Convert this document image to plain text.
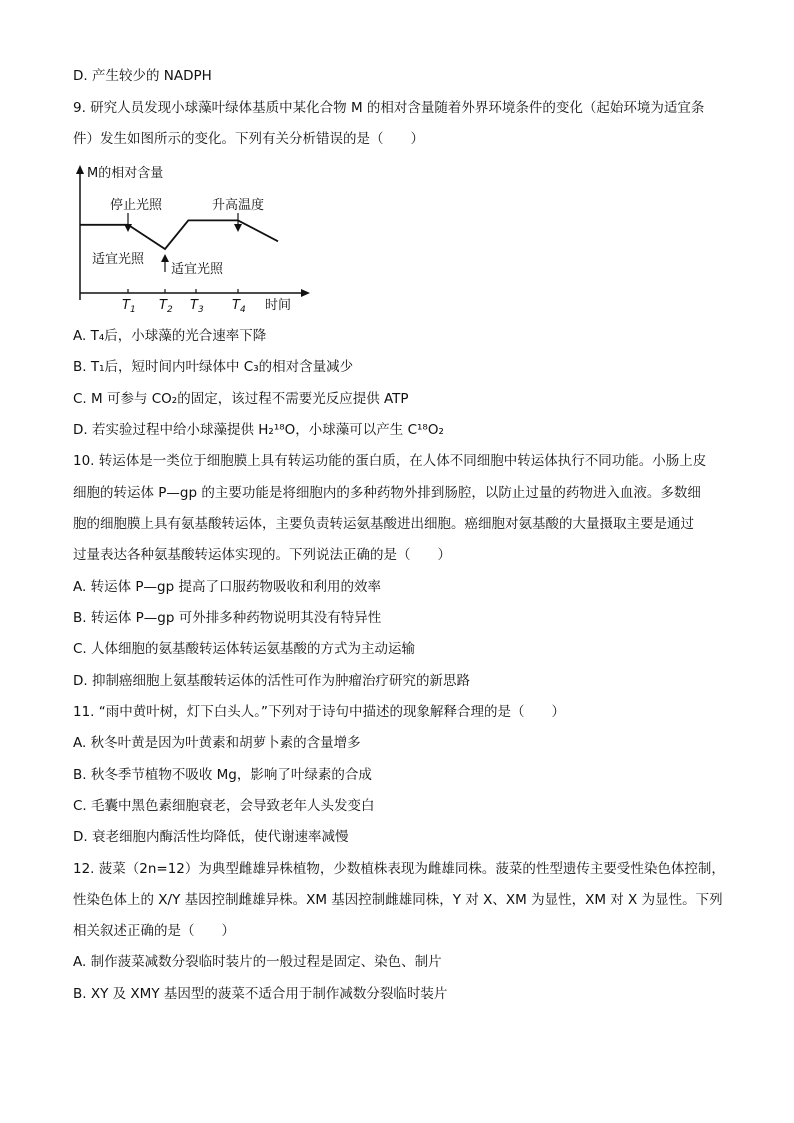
D. 产生较少的 NADPH
9. 研究人员发现小球藻叶绿体基质中某化合物 M 的相对含量随着外界环境条件的变化（起始环境为适宜条
件）发生如图所示的变化。下列有关分析错误的是（　　）
A. T₄后，小球藻的光合速率下降
B. T₁后，短时间内叶绿体中 C₃的相对含量减少
C. M 可参与 CO₂的固定，该过程不需要光反应提供 ATP
D. 若实验过程中给小球藻提供 H₂¹⁸O，小球藻可以产生 C¹⁸O₂
10. 转运体是一类位于细胞膜上具有转运功能的蛋白质，在人体不同细胞中转运体执行不同功能。小肠上皮
细胞的转运体 P—gp 的主要功能是将细胞内的多种药物外排到肠腔，以防止过量的药物进入血液。多数细
胞的细胞膜上具有氨基酸转运体，主要负责转运氨基酸进出细胞。癌细胞对氨基酸的大量摄取主要是通过
过量表达各种氨基酸转运体实现的。下列说法正确的是（　　）
A. 转运体 P—gp 提高了口服药物吸收和利用的效率
B. 转运体 P—gp 可外排多种药物说明其没有特异性
C. 人体细胞的氨基酸转运体转运氨基酸的方式为主动运输
D. 抑制癌细胞上氨基酸转运体的活性可作为肿瘤治疗研究的新思路
11. “雨中黄叶树，灯下白头人。”下列对于诗句中描述的现象解释合理的是（　　）
A. 秋冬叶黄是因为叶黄素和胡萝卜素的含量增多
B. 秋冬季节植物不吸收 Mg，影响了叶绿素的合成
C. 毛囊中黑色素细胞衰老，会导致老年人头发变白
D. 衰老细胞内酶活性均降低，使代谢速率减慢
12. 菠菜（2n=12）为典型雌雄异株植物，少数植株表现为雌雄同株。菠菜的性型遗传主要受性染色体控制，
性染色体上的 X/Y 基因控制雌雄异株。XM 基因控制雌雄同株，Y 对 X、XM 为显性，XM 对 X 为显性。下列
相关叙述正确的是（　　）
A. 制作菠菜减数分裂临时装片的一般过程是固定、染色、制片
B. XY 及 XMY 基因型的菠菜不适合用于制作减数分裂临时装片
M的相对含量
时间
$T_1$ $T_2$ $T_3$ $T_4$
停止光照	升高温度
适宜光照
适宜光照
